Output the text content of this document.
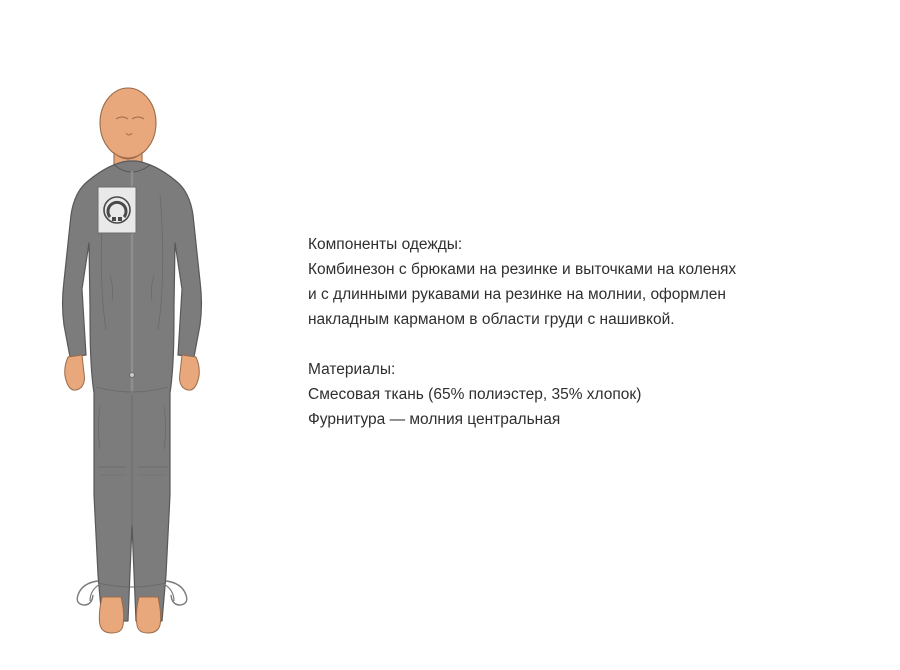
Компоненты одежды:
Комбинезон с брюками на резинке и выточками на коленях
и с длинными рукавами на резинке на молнии, оформлен
накладным карманом в области груди с нашивкой.
Материалы:
Смесовая ткань (65% полиэстер, 35% хлопок)
Фурнитура — молния центральная
